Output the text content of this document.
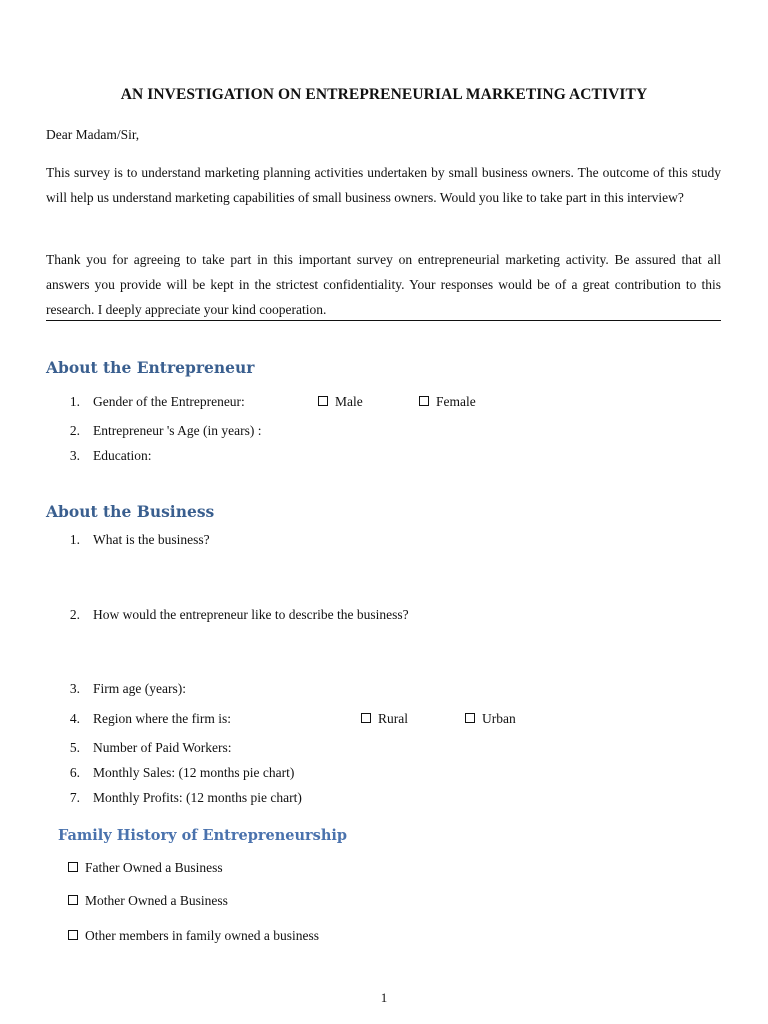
AN INVESTIGATION ON ENTREPRENEURIAL MARKETING ACTIVITY
Dear Madam/Sir,
This survey is to understand marketing planning activities undertaken by small business owners. The outcome of this study will help us understand marketing capabilities of small business owners. Would you like to take part in this interview?
Thank you for agreeing to take part in this important survey on entrepreneurial marketing activity. Be assured that all answers you provide will be kept in the strictest confidentiality. Your responses would be of a great contribution to this research. I deeply appreciate your kind cooperation.
About the Entrepreneur
1. Gender of the Entrepreneur:	Male	Female
2. Entrepreneur 's Age (in years) :
3. Education:
About the Business
1. What is the business?
2. How would the entrepreneur like to describe the business?
3. Firm age (years):
4. Region where the firm is:	Rural	Urban
5. Number of Paid Workers:
6. Monthly Sales: (12 months pie chart)
7. Monthly Profits: (12 months pie chart)
Family History of Entrepreneurship
Father Owned a Business
Mother Owned a Business
Other members in family owned a business
1
